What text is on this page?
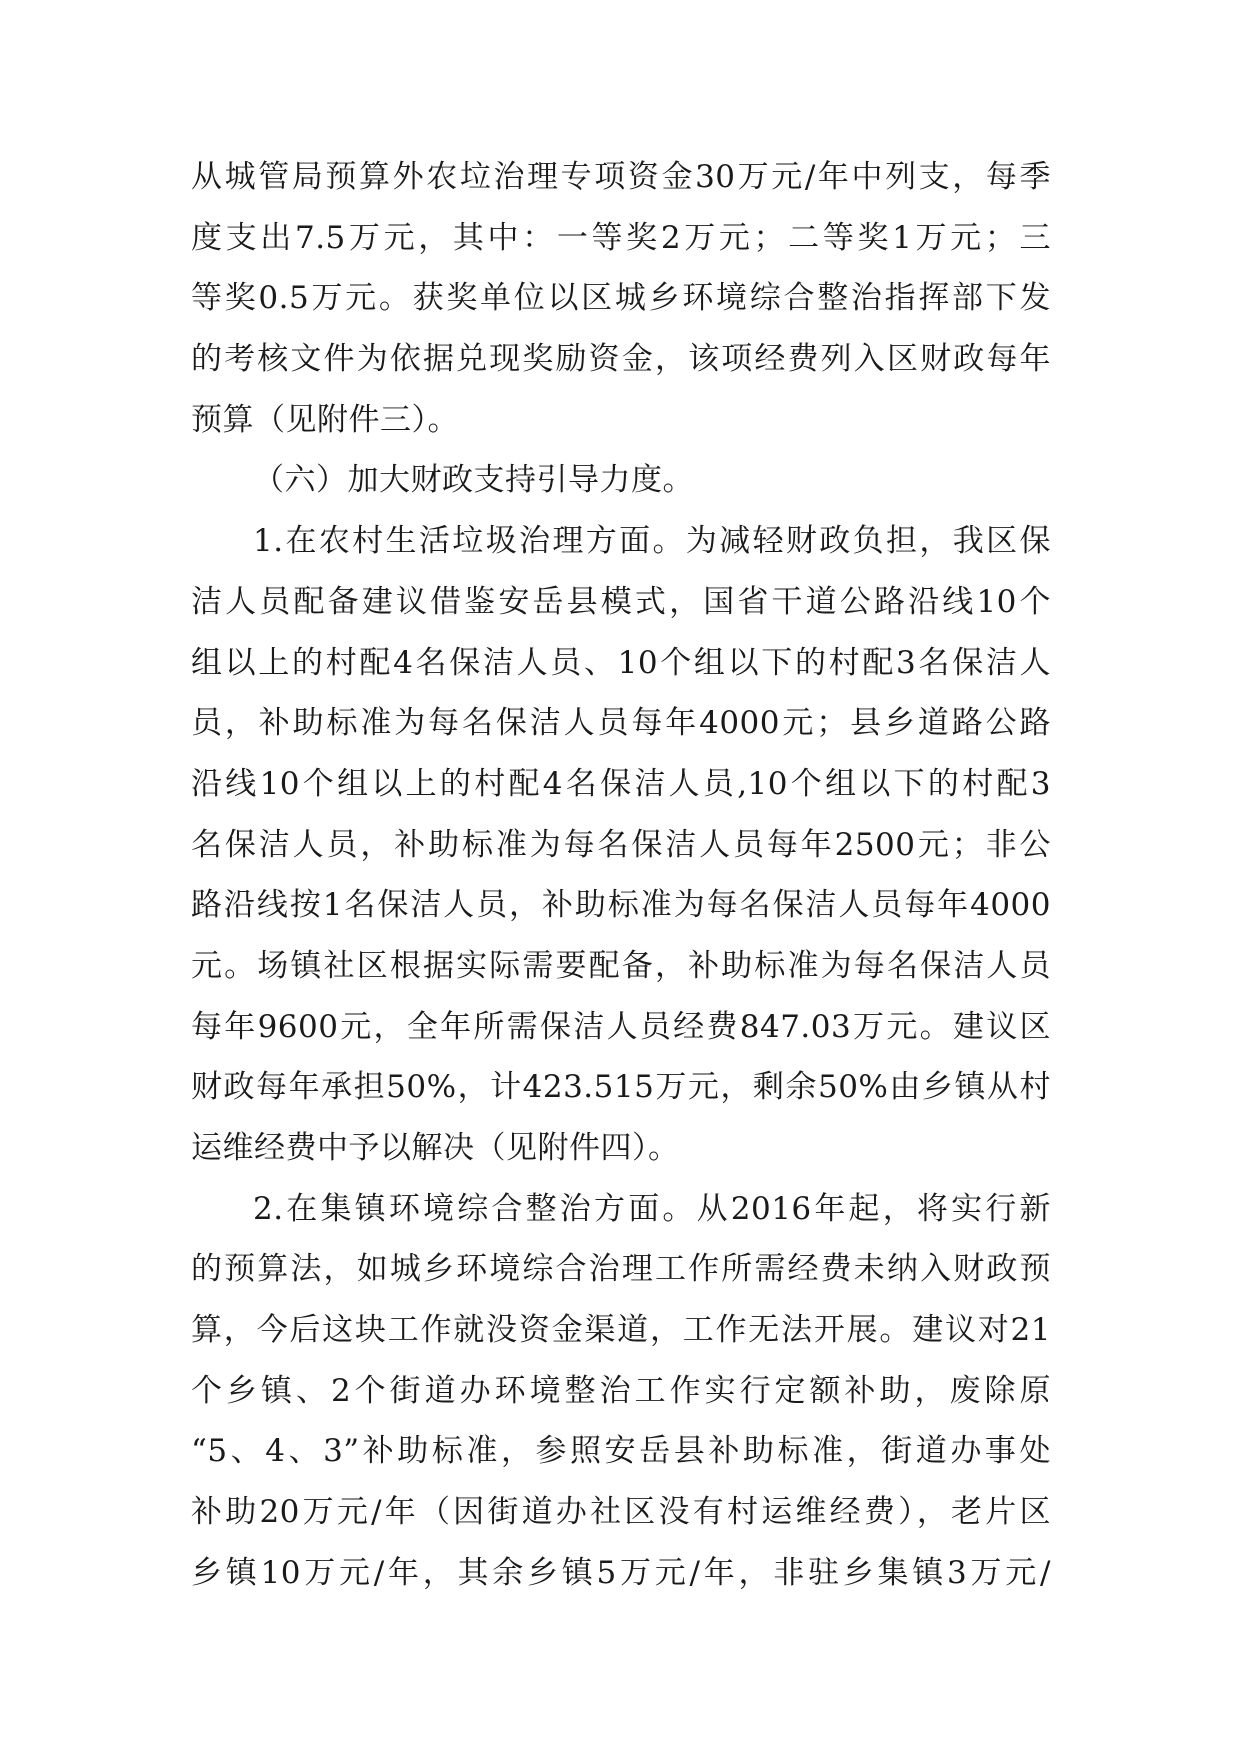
从城管局预算外农垃治理专项资金30万元/年中列支，每季
度支出7.5万元，其中：一等奖2万元；二等奖1万元；三
等奖0.5万元。获奖单位以区城乡环境综合整治指挥部下发
的考核文件为依据兑现奖励资金，该项经费列入区财政每年
预算（见附件三）。
（六）加大财政支持引导力度。
1.在农村生活垃圾治理方面。为减轻财政负担，我区保
洁人员配备建议借鉴安岳县模式，国省干道公路沿线10个
组以上的村配4名保洁人员、10个组以下的村配3名保洁人
员，补助标准为每名保洁人员每年4000元；县乡道路公路
沿线10个组以上的村配4名保洁人员,10个组以下的村配3
名保洁人员，补助标准为每名保洁人员每年2500元；非公
路沿线按1名保洁人员，补助标准为每名保洁人员每年4000
元。场镇社区根据实际需要配备，补助标准为每名保洁人员
每年9600元，全年所需保洁人员经费847.03万元。建议区
财政每年承担50%，计423.515万元，剩余50%由乡镇从村
运维经费中予以解决（见附件四）。
2.在集镇环境综合整治方面。从2016年起，将实行新
的预算法，如城乡环境综合治理工作所需经费未纳入财政预
算，今后这块工作就没资金渠道，工作无法开展。建议对21
个乡镇、2个街道办环境整治工作实行定额补助，废除原
“5、4、3”补助标准，参照安岳县补助标准，街道办事处
补助20万元/年（因街道办社区没有村运维经费），老片区
乡镇10万元/年，其余乡镇5万元/年，非驻乡集镇3万元/
